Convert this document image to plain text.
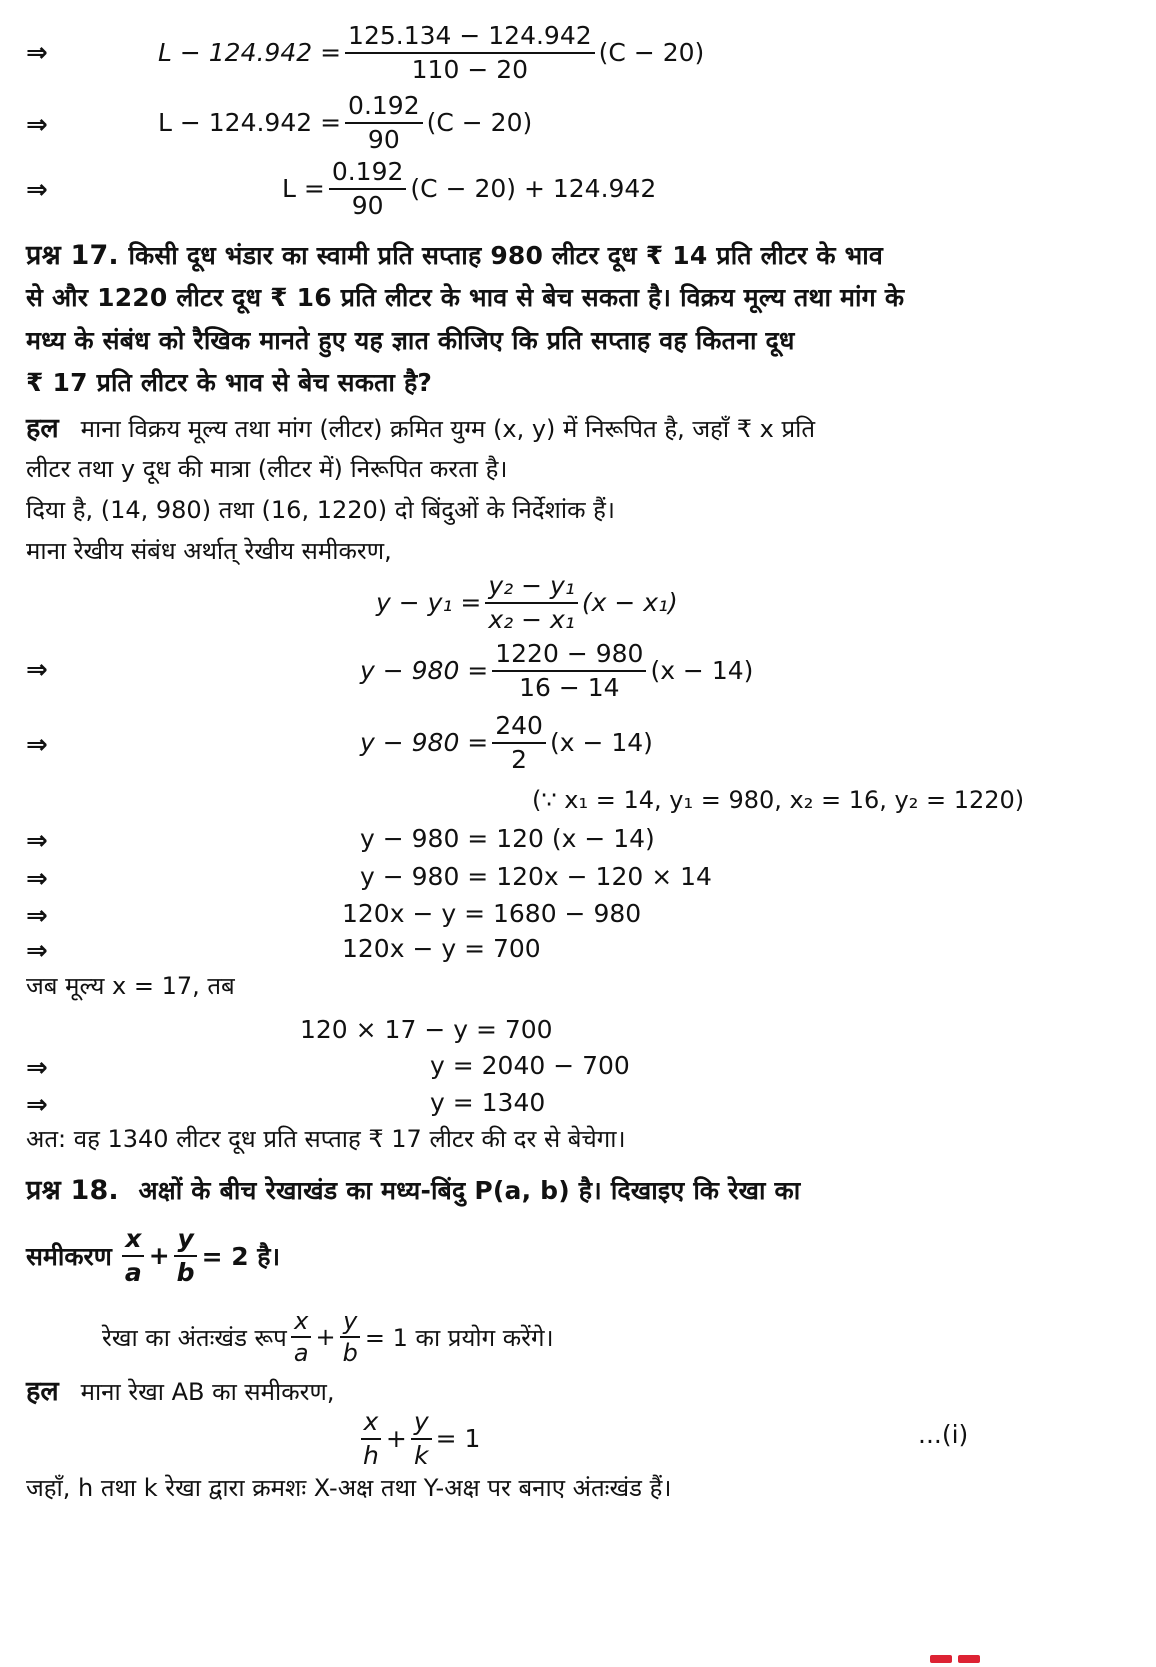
⇒	$L - 124.942 = \frac{125.134 - 124.942}{110 - 20} (C - 20)$
⇒	$L - 124.942 = \frac{0.192}{90} (C - 20)$
⇒	$L = \frac{0.192}{90} (C - 20) + 124.942$
प्रश्न 17. किसी दूध भंडार का स्वामी प्रति सप्ताह 980 लीटर दूध ₹ 14 प्रति लीटर के भाव
से और 1220 लीटर दूध ₹ 16 प्रति लीटर के भाव से बेच सकता है। विक्रय मूल्य तथा मांग के
मध्य के संबंध को रैखिक मानते हुए यह ज्ञात कीजिए कि प्रति सप्ताह वह कितना दूध
₹ 17 प्रति लीटर के भाव से बेच सकता है?
हल माना विक्रय मूल्य तथा मांग (लीटर) क्रमित युग्म (x, y) में निरूपित है, जहाँ ₹ x प्रति
लीटर तथा y दूध की मात्रा (लीटर में) निरूपित करता है।
दिया है, (14, 980) तथा (16, 1220) दो बिंदुओं के निर्देशांक हैं।
माना रेखीय संबंध अर्थात् रेखीय समीकरण,
$y - y_1 = \frac{\text{y₂ − y₁}}{\text{x₂ − x₁}} (x - x_1)$
⇒	$y - 980 = \frac{1220 - 980}{16 - 14} (x - 14)$
⇒	$y - 980 = \frac{240}{2} (x - 14)$
(∵ x₁ = 14, y₁ = 980, x₂ = 16, y₂ = 1220)
⇒	y − 980 = 120 (x − 14)
⇒	y − 980 = 120x − 120 × 14
⇒	120x − y = 1680 − 980
⇒	120x − y = 700
जब मूल्य x = 17, तब
120 × 17 − y = 700
⇒	y = 2040 − 700
⇒	y = 1340
अत: वह 1340 लीटर दूध प्रति सप्ताह ₹ 17 लीटर की दर से बेचेगा।
प्रश्न 18. अक्षों के बीच रेखाखंड का मध्य-बिंदु P(a, b) है। दिखाइए कि रेखा का
समीकरण $\frac{x}{a} + \frac{y}{b} = 2$ है।
रेखा का अंतःखंड रूप $\frac{x}{a} + \frac{y}{b} = 1$ का प्रयोग करेंगे।
हल माना रेखा AB का समीकरण,
$\frac{x}{h} + \frac{y}{k} = 1$	...(i)
जहाँ, h तथा k रेखा द्वारा क्रमशः X-अक्ष तथा Y-अक्ष पर बनाए अंतःखंड हैं।
